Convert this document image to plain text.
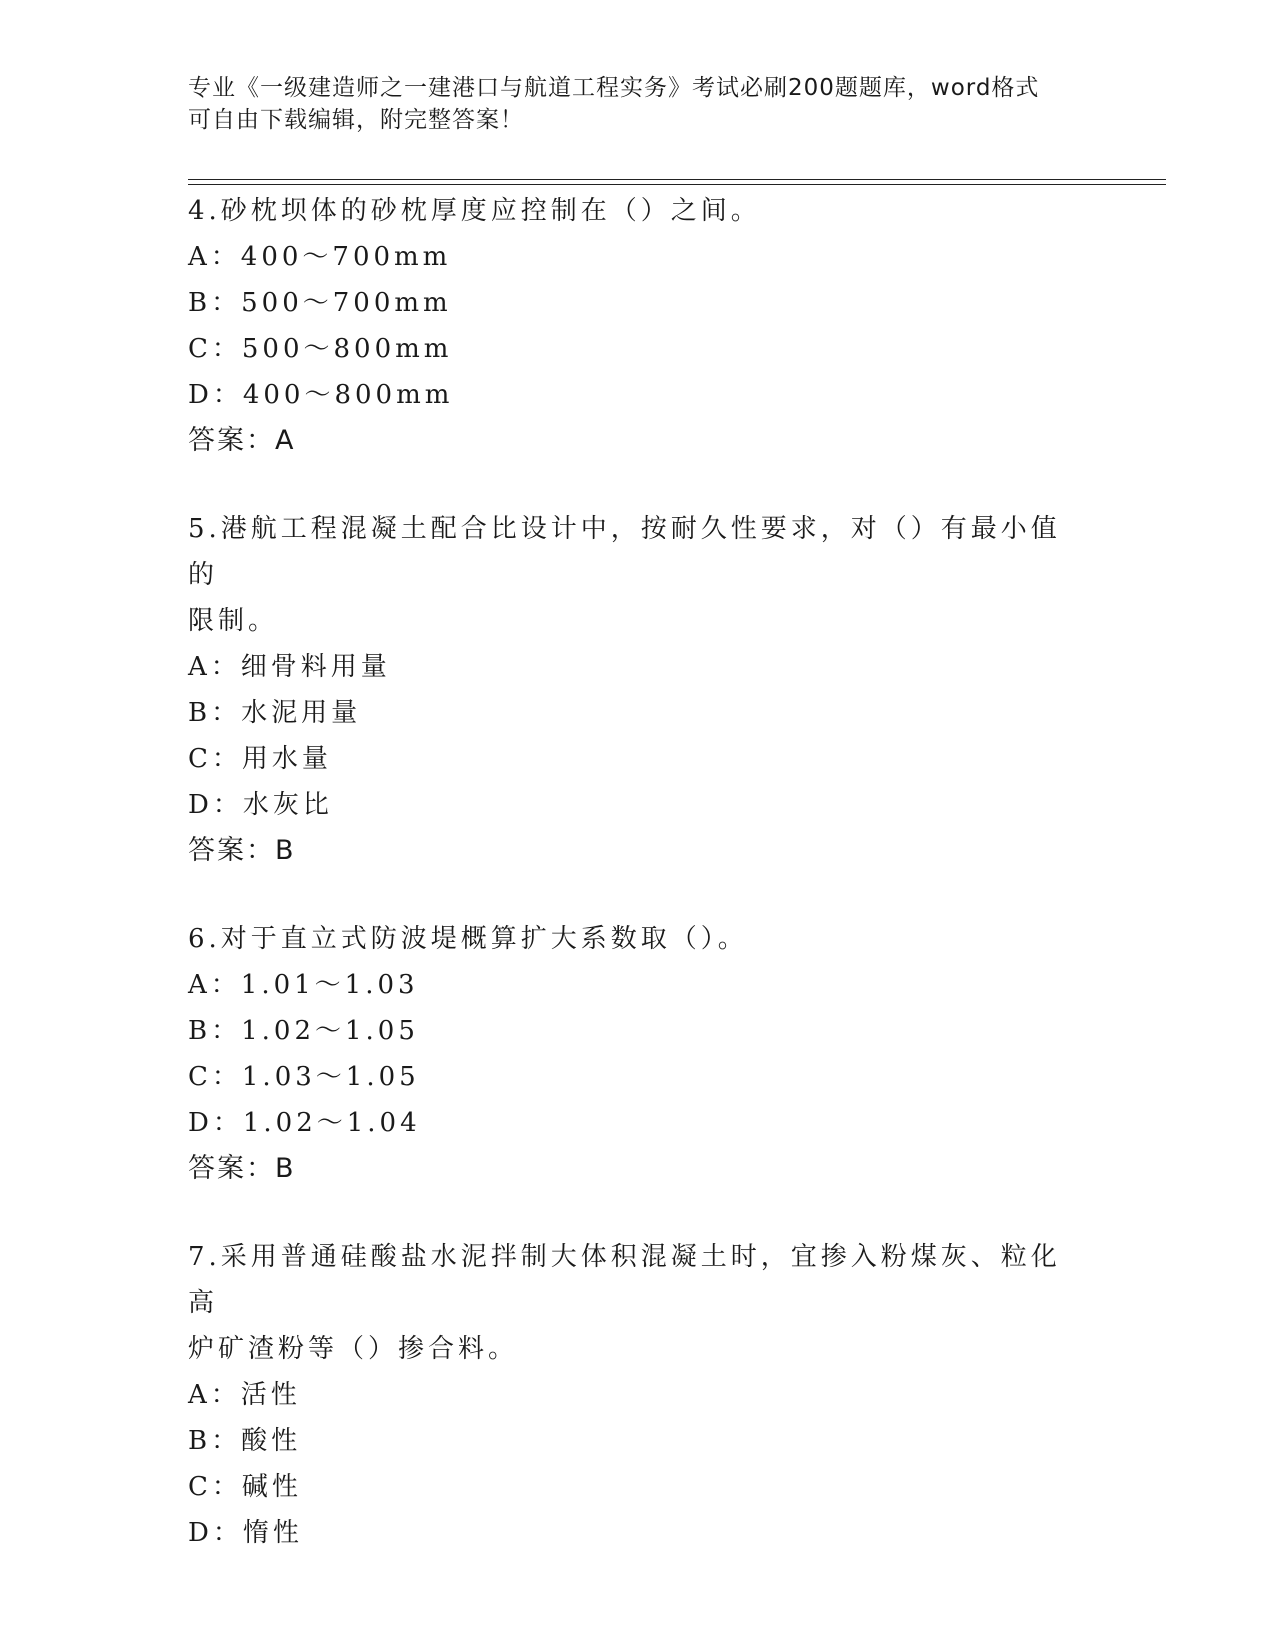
专业《一级建造师之一建港口与航道工程实务》考试必刷200题题库，word格式
可自由下载编辑，附完整答案！
4.砂枕坝体的砂枕厚度应控制在（）之间。
A：400～700mm
B：500～700mm
C：500～800mm
D：400～800mm
答案：A
5.港航工程混凝土配合比设计中，按耐久性要求，对（）有最小值的
限制。
A：细骨料用量
B：水泥用量
C：用水量
D：水灰比
答案：B
6.对于直立式防波堤概算扩大系数取（）。
A：1.01～1.03
B：1.02～1.05
C：1.03～1.05
D：1.02～1.04
答案：B
7.采用普通硅酸盐水泥拌制大体积混凝土时，宜掺入粉煤灰、粒化高
炉矿渣粉等（）掺合料。
A：活性
B：酸性
C：碱性
D：惰性
